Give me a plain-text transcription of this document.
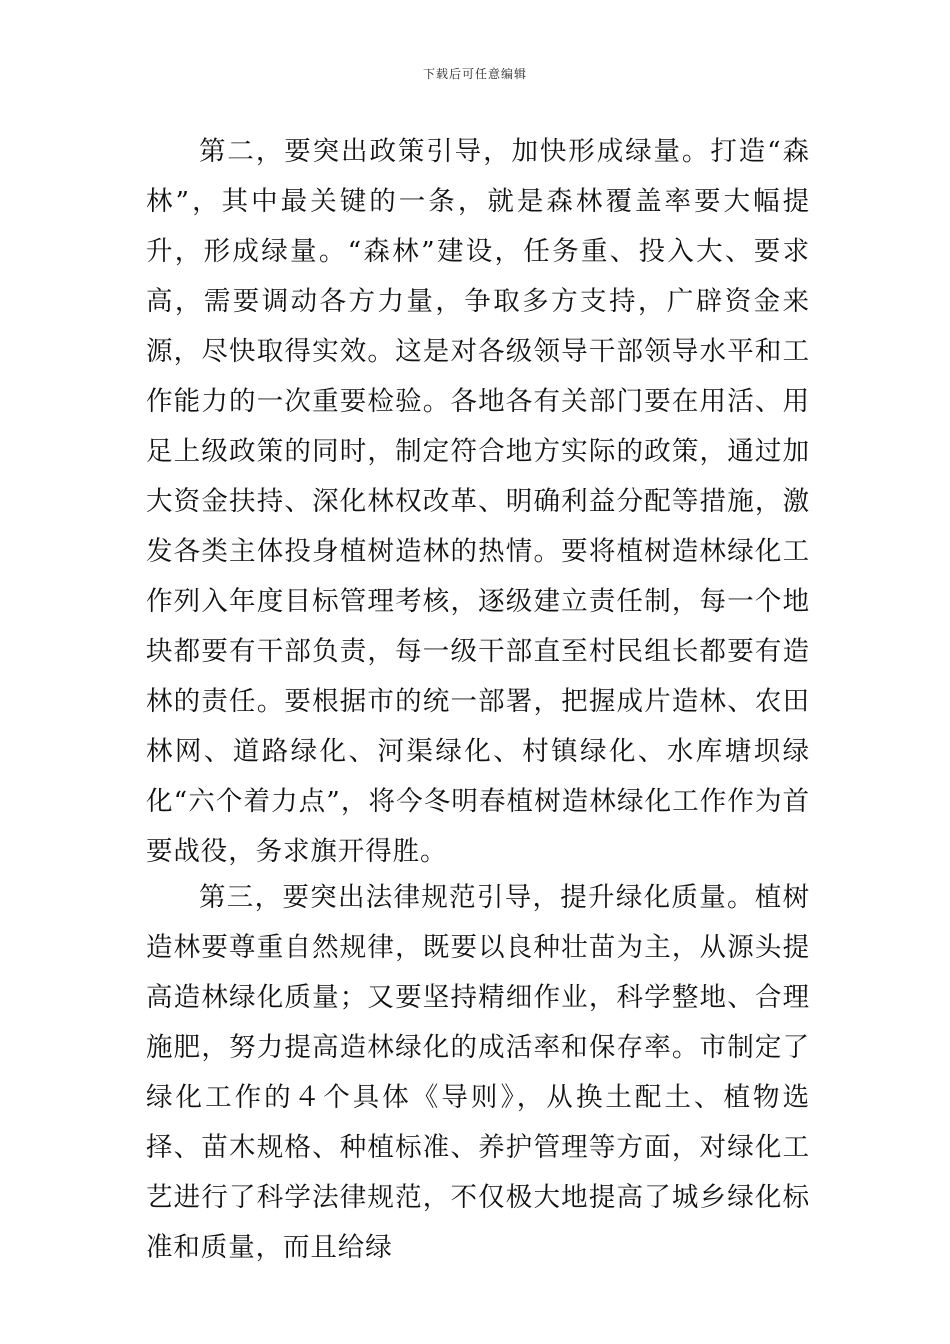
下载后可任意编辑

第二，要突出政策引导，加快形成绿量。打造“森林”，其中最关键的一条，就是森林覆盖率要大幅提升，形成绿量。“森林”建设，任务重、投入大、要求高，需要调动各方力量，争取多方支持，广辟资金来源，尽快取得实效。这是对各级领导干部领导水平和工作能力的一次重要检验。各地各有关部门要在用活、用足上级政策的同时，制定符合地方实际的政策，通过加大资金扶持、深化林权改革、明确利益分配等措施，激发各类主体投身植树造林的热情。要将植树造林绿化工作列入年度目标管理考核，逐级建立责任制，每一个地块都要有干部负责，每一级干部直至村民组长都要有造林的责任。要根据市的统一部署，把握成片造林、农田林网、道路绿化、河渠绿化、村镇绿化、水库塘坝绿化“六个着力点”，将今冬明春植树造林绿化工作作为首要战役，务求旗开得胜。

第三，要突出法律规范引导，提升绿化质量。植树造林要尊重自然规律，既要以良种壮苗为主，从源头提高造林绿化质量；又要坚持精细作业，科学整地、合理施肥，努力提高造林绿化的成活率和保存率。市制定了绿化工作的４个具体《导则》，从换土配土、植物选择、苗木规格、种植标准、养护管理等方面，对绿化工艺进行了科学法律规范，不仅极大地提高了城乡绿化标准和质量，而且给绿
